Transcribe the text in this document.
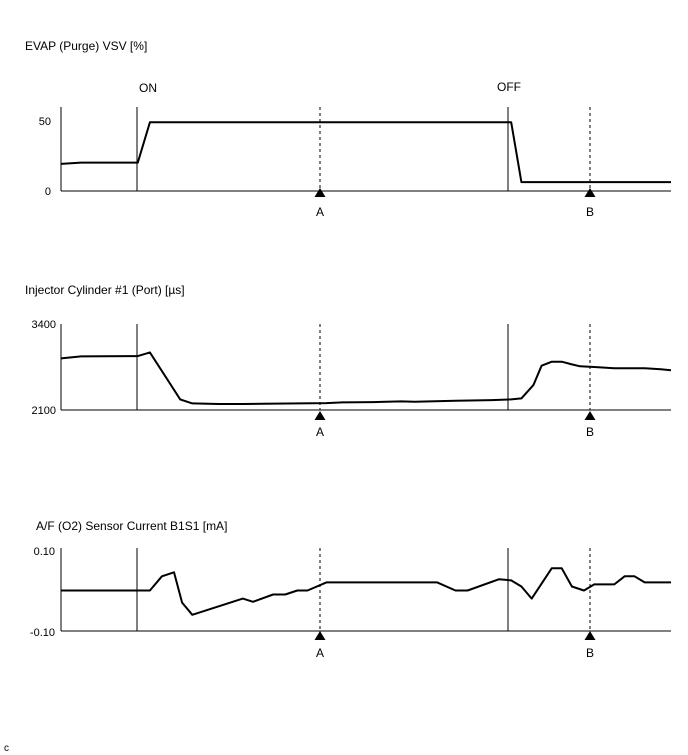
EVAP (Purge) VSV [%]
ON	OFF
50
0
A	B
Injector Cylinder #1 (Port) [µs]
3400
2100
A	B
A/F (O2) Sensor Current B1S1 [mA]
0.10
-0.10
A	B
c
